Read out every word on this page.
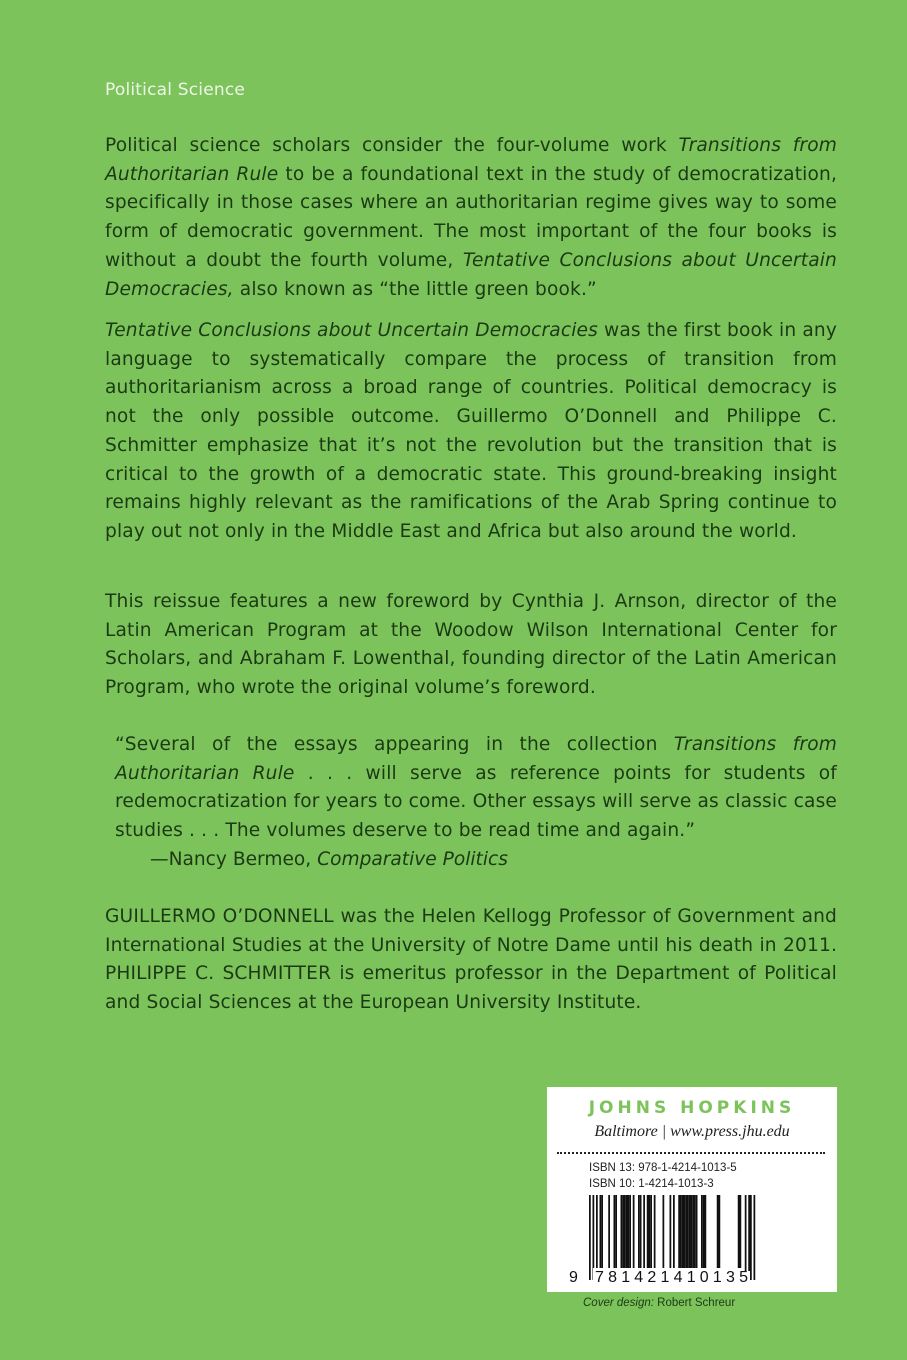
Political Science

Political science scholars consider the four-volume work Transitions from Authoritarian Rule to be a foundational text in the study of democratization, specifically in those cases where an authoritarian regime gives way to some form of democratic government. The most important of the four books is without a doubt the fourth volume, Tentative Conclusions about Uncertain Democracies, also known as “the little green book.”

Tentative Conclusions about Uncertain Democracies was the first book in any language to systematically compare the process of transition from authoritarianism across a broad range of countries. Political democracy is not the only possible outcome. Guillermo O’Donnell and Philippe C. Schmitter emphasize that it’s not the revolution but the transition that is critical to the growth of a democratic state. This ground-breaking insight remains highly relevant as the ramifications of the Arab Spring continue to play out not only in the Middle East and Africa but also around the world.

This reissue features a new foreword by Cynthia J. Arnson, director of the Latin American Program at the Woodow Wilson International Center for Scholars, and Abraham F. Lowenthal, founding director of the Latin American Program, who wrote the original volume’s foreword.

“Several of the essays appearing in the collection Transitions from Authoritarian Rule . . . will serve as reference points for students of redemocratization for years to come. Other essays will serve as classic case studies . . . The volumes deserve to be read time and again.”

—Nancy Bermeo, Comparative Politics

GUILLERMO O’DONNELL was the Helen Kellogg Professor of Government and International Studies at the University of Notre Dame until his death in 2011. PHILIPPE C. SCHMITTER is emeritus professor in the Department of Political and Social Sciences at the European University Institute.

JOHNS HOPKINS
Baltimore | www.press.jhu.edu
ISBN 13: 978-1-4214-1013-5
ISBN 10: 1-4214-1013-3
9 781421410135
Cover design: Robert Schreur
